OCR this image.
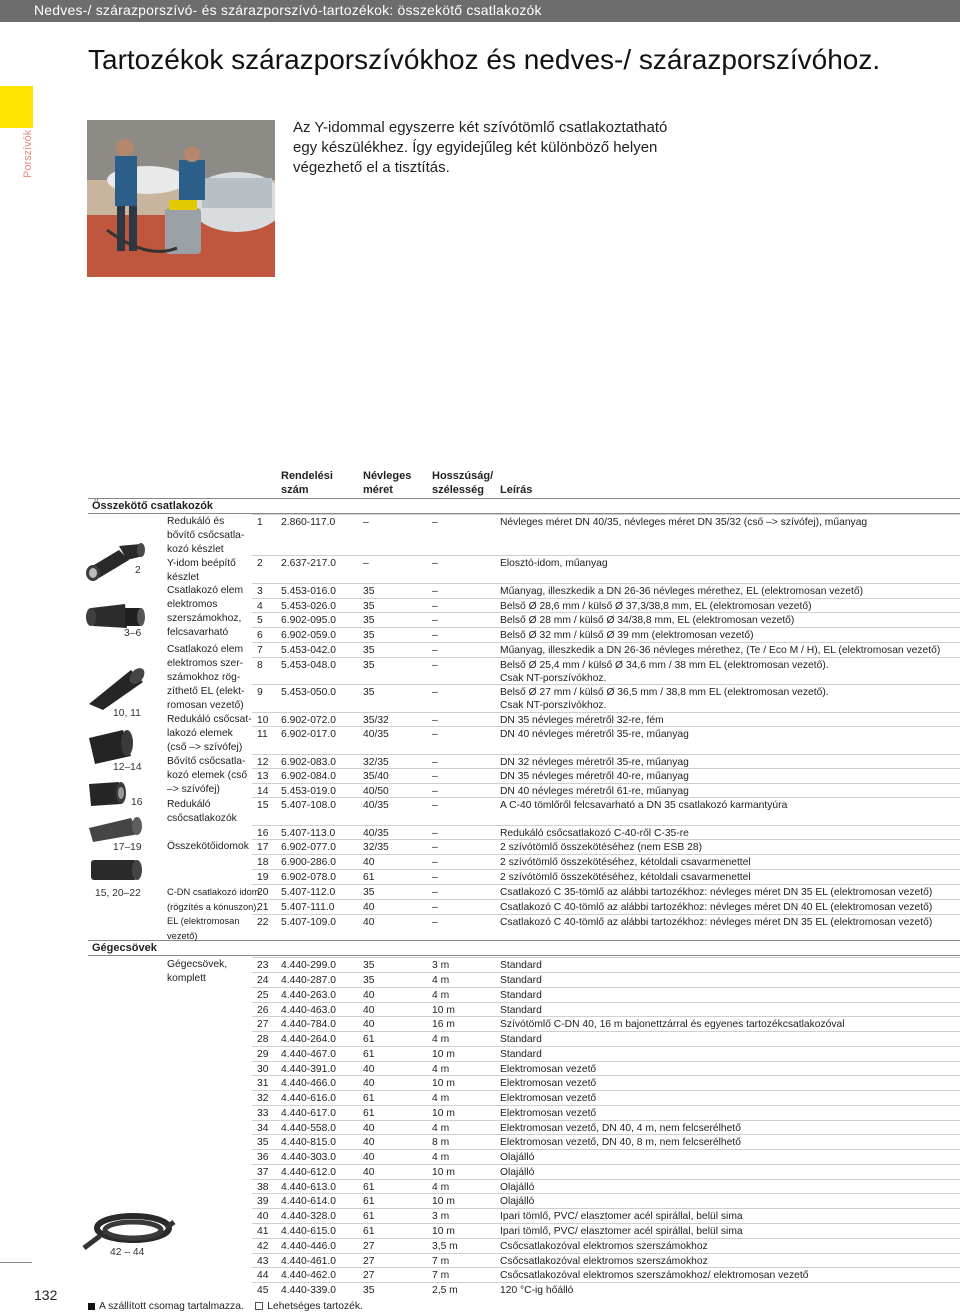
Nedves-/ szárazporszívó- és szárazporszívó-tartozékok: összekötő csatlakozók
Tartozékok szárazporszívókhoz és nedves-/ szárazporszívóhoz.
Porszívók
Az Y-idommal egyszerre két szívótömlő csatlakoztatható
egy készülékhez. Így egyidejűleg két különböző helyen
végezhető el a tisztítás.
Rendelési
szám
Névleges
méret
Hosszúság/
szélesség	Leírás
Összekötő csatlakozók
Gégecsövek
2
3–6
10, 11
12–14
16
17–19
15, 20–22
42 – 44
Redukáló és
bővítő csőcsatla-
kozó készlet
Y-idom beépítő
készlet
Csatlakozó elem
elektromos
szerszámokhoz,
felcsavarható
Csatlakozó elem
elektromos szer-
számokhoz rög-
zíthető EL (elekt-
romosan vezető)
Redukáló csőcsat-
lakozó elemek
(cső –> szívófej)
Bővítő csőcsatla-
kozó elemek (cső
–> szívófej)
Redukáló
csőcsatlakozók
Összekötőidomok
C-DN csatlakozó idom
(rögzítés a kónuszon),
EL (elektromosan
vezető)
Gégecsövek,
komplett
1 2.860-117.0	–	–	Névleges méret DN 40/35, névleges méret DN 35/32 (cső –> szívófej), műanyag
2 2.637-217.0	–	–	Elosztó-idom, műanyag
3 5.453-016.0	35	–	Műanyag, illeszkedik a DN 26-36 névleges mérethez, EL (elektromosan vezető)
4 5.453-026.0	35	–	Belső Ø 28,6 mm / külső Ø 37,3/38,8 mm, EL (elektromosan vezető)
5 6.902-095.0	35	–	Belső Ø 28 mm / külső Ø 34/38,8 mm, EL (elektromosan vezető)
6 6.902-059.0	35	–	Belső Ø 32 mm / külső Ø 39 mm (elektromosan vezető)
7 5.453-042.0	35	–	Műanyag, illeszkedik a DN 26-36 névleges mérethez, (Te / Eco M / H), EL (elektromosan vezető)
8 5.453-048.0	35	–	Belső Ø 25,4 mm / külső Ø 34,6 mm / 38 mm EL (elektromosan vezető).
Csak NT-porszívókhoz.
9 5.453-050.0	35	–	Belső Ø 27 mm / külső Ø 36,5 mm / 38,8 mm EL (elektromosan vezető).
Csak NT-porszívókhoz.
10 6.902-072.0	35/32	–	DN 35 névleges méretről 32-re, fém
11 6.902-017.0	40/35	–	DN 40 névleges méretről 35-re, műanyag
12 6.902-083.0	32/35	–	DN 32 névleges méretről 35-re, műanyag
13 6.902-084.0	35/40	–	DN 35 névleges méretről 40-re, műanyag
14 5.453-019.0	40/50	–	DN 40 névleges méretről 61-re, műanyag
15 5.407-108.0	40/35	–	A C-40 tömlőről felcsavarható a DN 35 csatlakozó karmantyúra
16 5.407-113.0	40/35	–	Redukáló csőcsatlakozó C-40-ről C-35-re
17 6.902-077.0	32/35	–	2 szívótömlő összekötéséhez (nem ESB 28)
18 6.900-286.0	40	–	2 szívótömlő összekötéséhez, kétoldali csavarmenettel
19 6.902-078.0	61	–	2 szívótömlő összekötéséhez, kétoldali csavarmenettel
20 5.407-112.0	35	–	Csatlakozó C 35-tömlő az alábbi tartozékhoz: névleges méret DN 35 EL (elektromosan vezető)
21 5.407-111.0	40	–	Csatlakozó C 40-tömlő az alábbi tartozékhoz: névleges méret DN 40 EL (elektromosan vezető)
22 5.407-109.0	40	–	Csatlakozó C 40-tömlő az alábbi tartozékhoz: névleges méret DN 35 EL (elektromosan vezető)
23 4.440-299.0	35	3 m	Standard
24 4.440-287.0	35	4 m	Standard
25 4.440-263.0	40	4 m	Standard
26 4.440-463.0	40	10 m	Standard
27 4.440-784.0	40	16 m	Szívótömlő C-DN 40, 16 m bajonettzárral és egyenes tartozékcsatlakozóval
28 4.440-264.0	61	4 m	Standard
29 4.440-467.0	61	10 m	Standard
30 4.440-391.0	40	4 m	Elektromosan vezető
31 4.440-466.0	40	10 m	Elektromosan vezető
32 4.440-616.0	61	4 m	Elektromosan vezető
33 4.440-617.0	61	10 m	Elektromosan vezető
34 4.440-558.0	40	4 m	Elektromosan vezető, DN 40, 4 m, nem felcserélhető
35 4.440-815.0	40	8 m	Elektromosan vezető, DN 40, 8 m, nem felcserélhető
36 4.440-303.0	40	4 m	Olajálló
37 4.440-612.0	40	10 m	Olajálló
38 4.440-613.0	61	4 m	Olajálló
39 4.440-614.0	61	10 m	Olajálló
40 4.440-328.0	61	3 m	Ipari tömlő, PVC/ elasztomer acél spirállal, belül sima
41 4.440-615.0	61	10 m	Ipari tömlő, PVC/ elasztomer acél spirállal, belül sima
42 4.440-446.0	27	3,5 m	Csőcsatlakozóval elektromos szerszámokhoz
43 4.440-461.0	27	7 m	Csőcsatlakozóval elektromos szerszámokhoz
44 4.440-462.0	27	7 m	Csőcsatlakozóval elektromos szerszámokhoz/ elektromosan vezető
45 4.440-339.0	35	2,5 m	120 °C-ig hőálló
A szállított csomag tartalmazza. Lehetséges tartozék.
132
